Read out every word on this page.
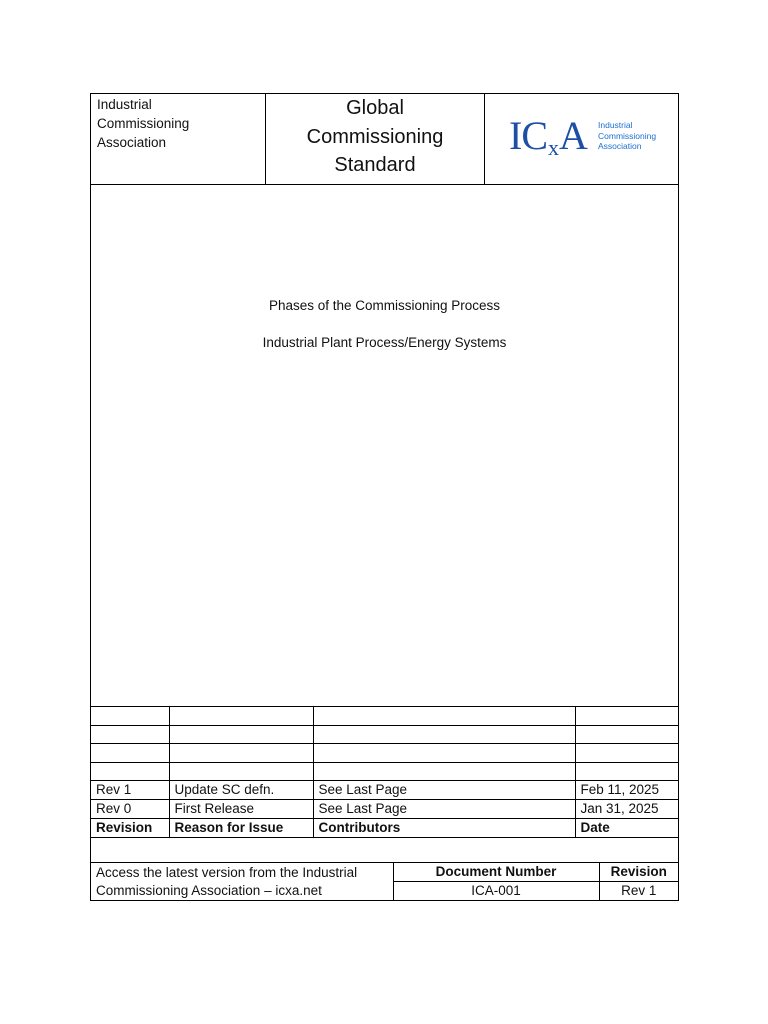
Industrial
Commissioning
Association
Global
Commissioning
Standard
ICxA Industrial
Commissioning
Association
Phases of the Commissioning Process
Industrial Plant Process/Energy Systems

Rev 1	Update SC defn.	See Last Page	Feb 11, 2025
Rev 0	First Release	See Last Page	Jan 31, 2025
Revision	Reason for Issue	Contributors	Date
Access the latest version from the Industrial
Commissioning Association – icxa.net	Document Number	Revision
	ICA-001	Rev 1
